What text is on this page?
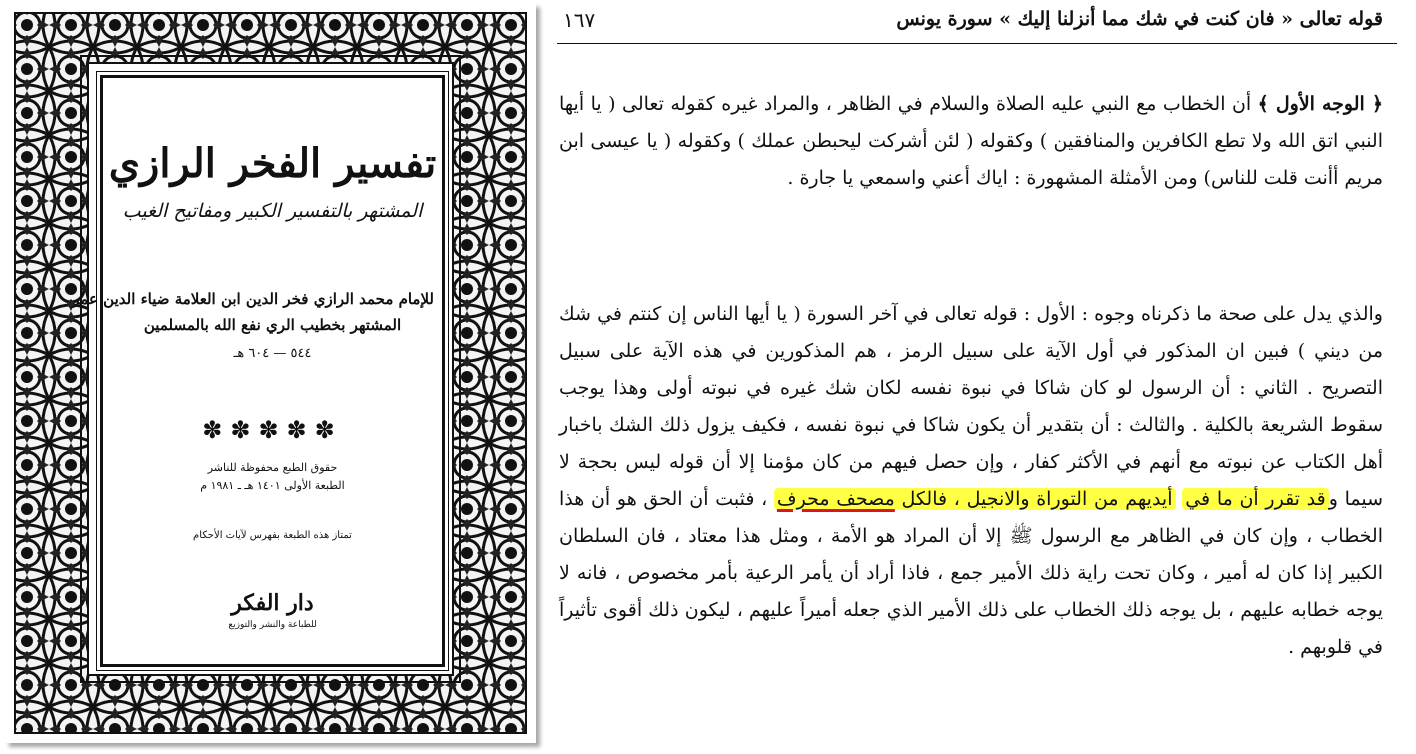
تفسير الفخر الرازي
المشتهر بالتفسير الكبير ومفاتيح الغيب
للإمام محمد الرازي فخر الدين ابن العلامة ضياء الدين عمر
المشتهر بخطيب الري نفع الله بالمسلمين
٥٤٤ — ٦٠٤ هـ
✽✽✽✽✽
حقوق الطبع محفوظة للناشر
الطبعة الأولى ١٤٠١ هـ ـ ١٩٨١ م
تمتاز هذه الطبعة بفهرس لآيات الأحكام
دار الفكر
للطباعة والنشر والتوزيع
قوله تعالى « فان كنت في شك مما أنزلنا إليك » سورة يونس
١٦٧

﴿ الوجه الأول ﴾ أن الخطاب مع النبي عليه الصلاة والسلام في الظاهر ، والمراد غيره كقوله تعالى ( يا أيها النبي اتق الله ولا تطع الكافرين والمنافقين ) وكقوله ( لئن أشركت ليحبطن عملك ) وكقوله ( يا عيسى ابن مريم أأنت قلت للناس) ومن الأمثلة المشهورة : اياك أعني واسمعي يا جارة .

والذي يدل على صحة ما ذكرناه وجوه : الأول : قوله تعالى في آخر السورة ( يا أيها الناس إن كنتم في شك من ديني ) فبين ان المذكور في أول الآية على سبيل الرمز ، هم المذكورين في هذه الآية على سبيل التصريح . الثاني : أن الرسول لو كان شاكا في نبوة نفسه لكان شك غيره في نبوته أولى وهذا يوجب سقوط الشريعة بالكلية . والثالث : أن بتقدير أن يكون شاكا في نبوة نفسه ، فكيف يزول ذلك الشك باخبار أهل الكتاب عن نبوته مع أنهم في الأكثر كفار ، وإن حصل فيهم من كان مؤمنا إلا أن قوله ليس بحجة لا سيما وقد تقرر أن ما في أيديهم من التوراة والانجيل ، فالكل مصحف محرف ، فثبت أن الحق هو أن هذا الخطاب ، وإن كان في الظاهر مع الرسول ﷺ إلا أن المراد هو الأمة ، ومثل هذا معتاد ، فان السلطان الكبير إذا كان له أمير ، وكان تحت راية ذلك الأمير جمع ، فاذا أراد أن يأمر الرعية بأمر مخصوص ، فانه لا يوجه خطابه عليهم ، بل يوجه ذلك الخطاب على ذلك الأمير الذي جعله أميراً عليهم ، ليكون ذلك أقوى تأثيراً في قلوبهم .
